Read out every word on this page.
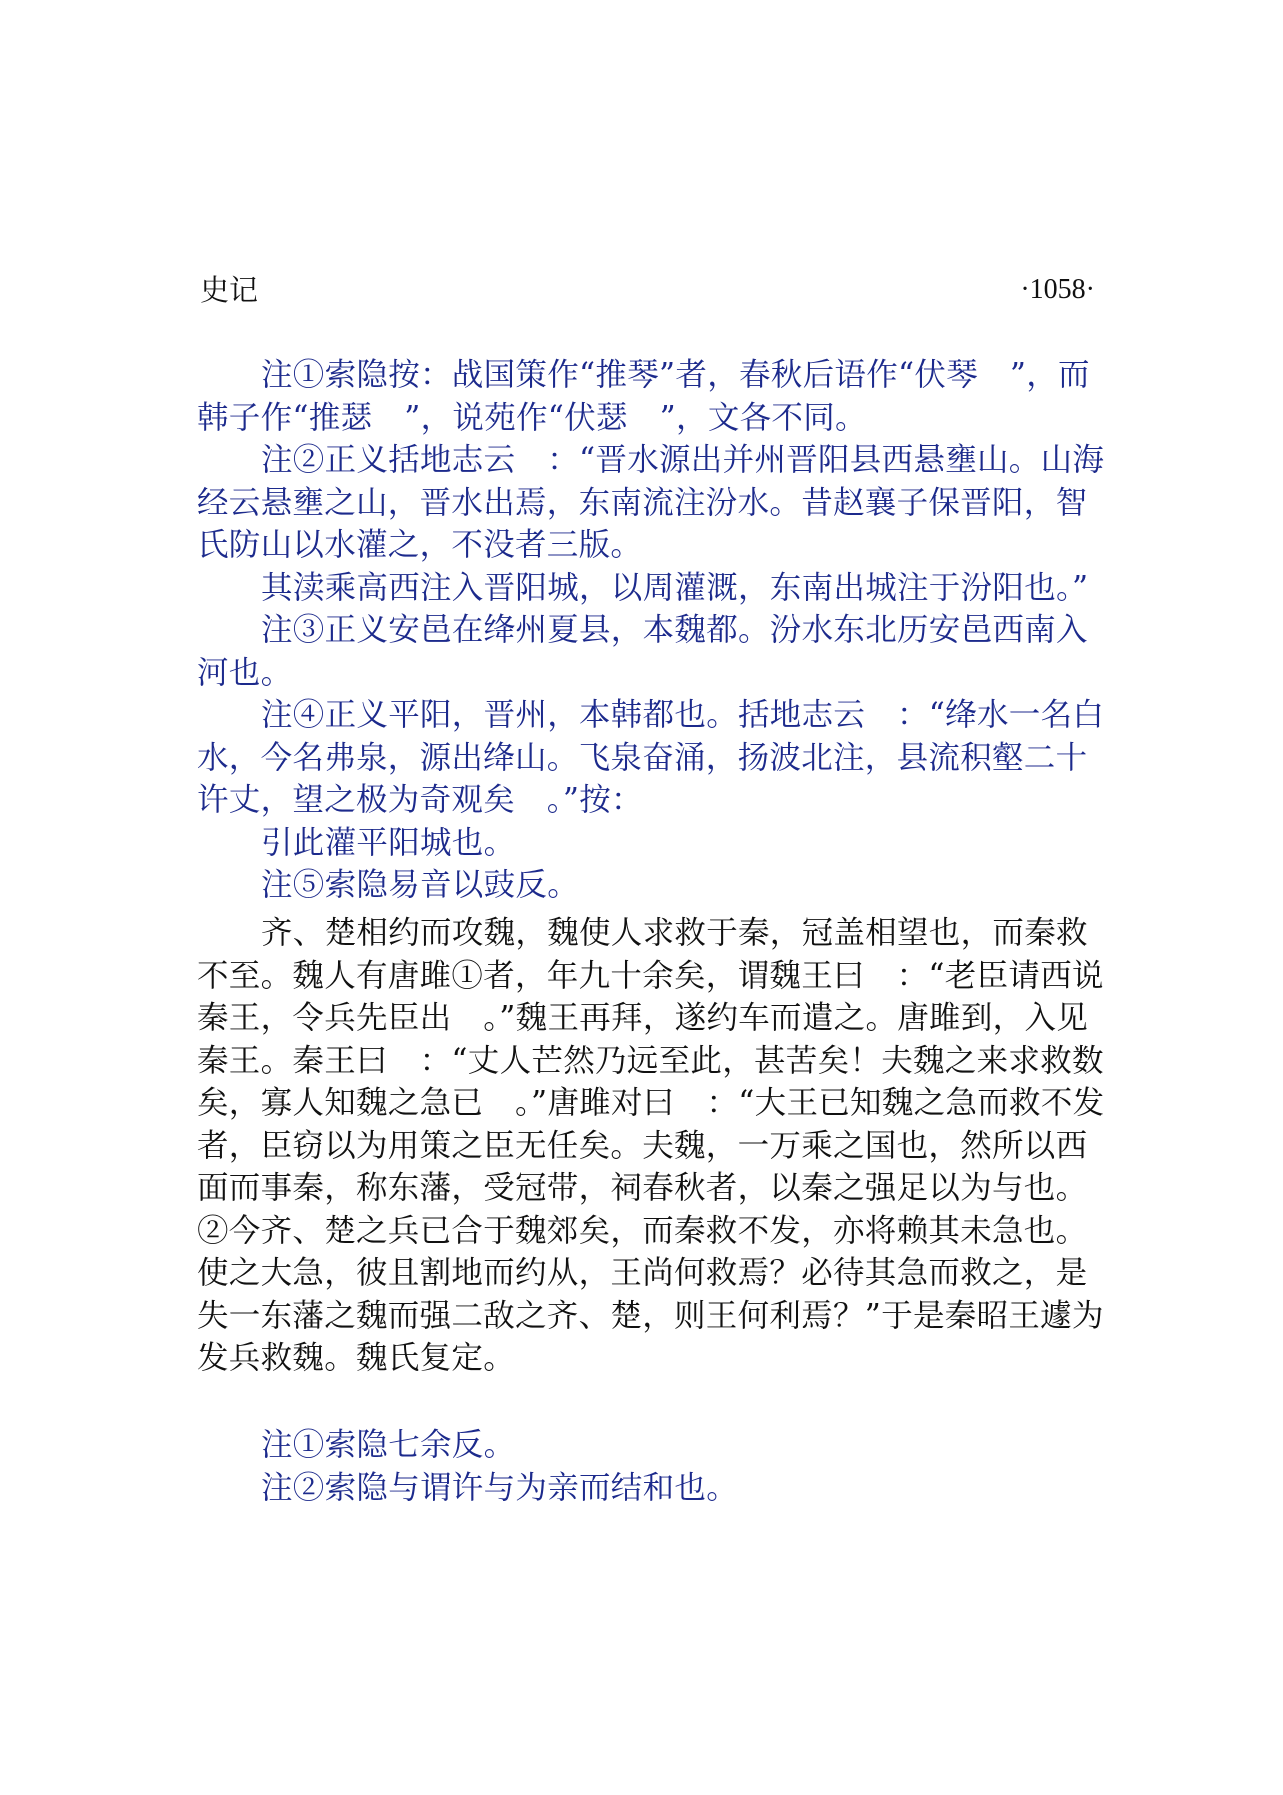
史记	·1058·

注①索隐按：战国策作“推琴”者，春秋后语作“伏琴　”，而韩子作“推瑟　”，说苑作“伏瑟　”，文各不同。

注②正义括地志云　：“晋水源出并州晋阳县西悬壅山。山海经云悬壅之山，晋水出焉，东南流注汾水。昔赵襄子保晋阳，智氏防山以水灌之，不没者三版。

其渎乘高西注入晋阳城，以周灌溉，东南出城注于汾阳也。”

注③正义安邑在绛州夏县，本魏都。汾水东北历安邑西南入河也。

注④正义平阳，晋州，本韩都也。括地志云　：“绛水一名白水，今名弗泉，源出绛山。飞泉奋涌，扬波北注，县流积壑二十许丈，望之极为奇观矣　。”按：

引此灌平阳城也。

注⑤索隐易音以豉反。

齐、楚相约而攻魏，魏使人求救于秦，冠盖相望也，而秦救不至。魏人有唐雎①者，年九十余矣，谓魏王曰　：“老臣请西说秦王，令兵先臣出　。”魏王再拜，遂约车而遣之。唐雎到，入见秦王。秦王曰　：“丈人芒然乃远至此，甚苦矣！夫魏之来求救数矣，寡人知魏之急已　。”唐雎对曰　：“大王已知魏之急而救不发者，臣窃以为用策之臣无任矣。夫魏，一万乘之国也，然所以西面而事秦，称东藩，受冠带，祠春秋者，以秦之强足以为与也。②今齐、楚之兵已合于魏郊矣，而秦救不发，亦将赖其未急也。使之大急，彼且割地而约从，王尚何救焉？必待其急而救之，是失一东藩之魏而强二敌之齐、楚，则王何利焉？”于是秦昭王遽为发兵救魏。魏氏复定。

注①索隐七余反。

注②索隐与谓许与为亲而结和也。
